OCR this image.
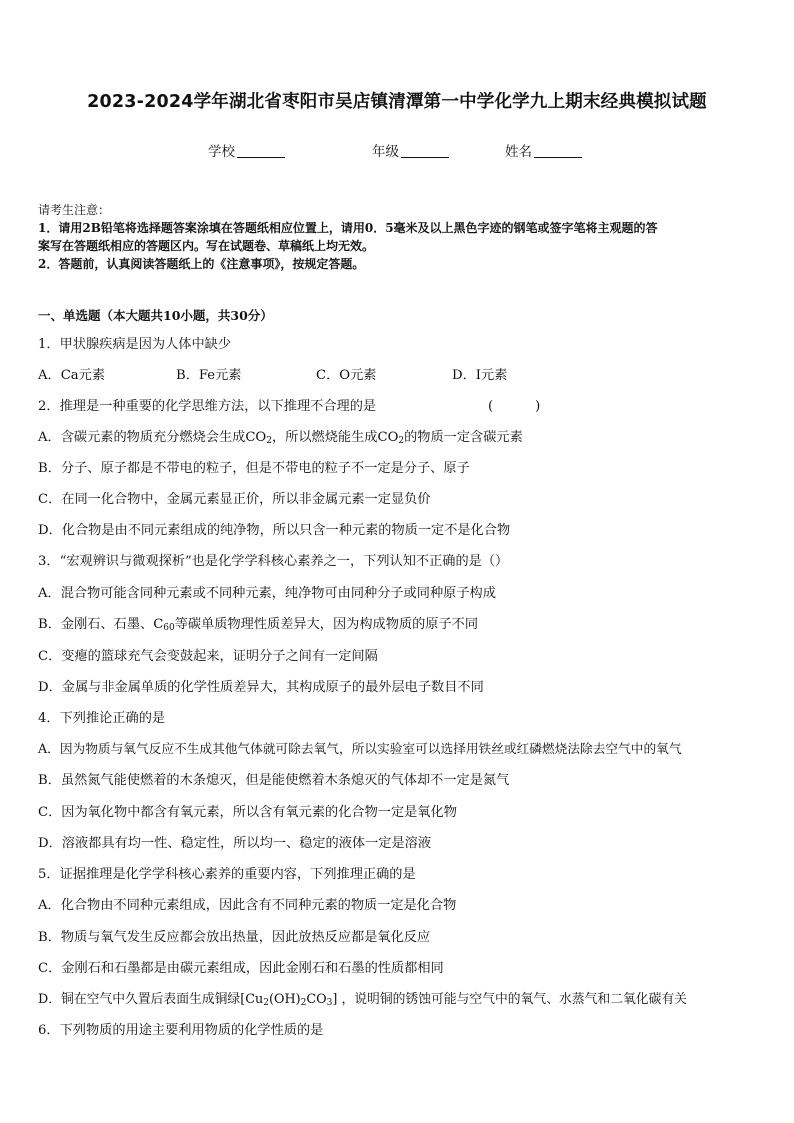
2023-2024学年湖北省枣阳市吴店镇清潭第一中学化学九上期末经典模拟试题
学校	年级	姓名
请考生注意：
1．请用2B铅笔将选择题答案涂填在答题纸相应位置上，请用0．5毫米及以上黑色字迹的钢笔或签字笔将主观题的答
案写在答题纸相应的答题区内。写在试题卷、草稿纸上均无效。
2．答题前，认真阅读答题纸上的《注意事项》，按规定答题。
一、单选题（本大题共10小题，共30分）
1．甲状腺疾病是因为人体中缺少
A．Ca元素	B．Fe元素	C．O元素	D．I元素
2．推理是一种重要的化学思维方法，以下推理不合理的是	(          )
A．含碳元素的物质充分燃烧会生成$CO_2$，所以燃烧能生成$CO_2$的物质一定含碳元素
B．分子、原子都是不带电的粒子，但是不带电的粒子不一定是分子、原子
C．在同一化合物中，金属元素显正价，所以非金属元素一定显负价
D．化合物是由不同元素组成的纯净物，所以只含一种元素的物质一定不是化合物
3．“宏观辨识与微观探析”也是化学学科核心素养之一，下列认知不正确的是（）
A．混合物可能含同种元素或不同种元素，纯净物可由同种分子或同种原子构成
B．金刚石、石墨、$C_{60}$等碳单质物理性质差异大，因为构成物质的原子不同
C．变瘪的篮球充气会变鼓起来，证明分子之间有一定间隔
D．金属与非金属单质的化学性质差异大，其构成原子的最外层电子数目不同
4．下列推论正确的是
A．因为物质与氧气反应不生成其他气体就可除去氧气，所以实验室可以选择用铁丝或红磷燃烧法除去空气中的氧气
B．虽然氮气能使燃着的木条熄灭，但是能使燃着木条熄灭的气体却不一定是氮气
C．因为氧化物中都含有氧元素，所以含有氧元素的化合物一定是氧化物
D．溶液都具有均一性、稳定性，所以均一、稳定的液体一定是溶液
5．证据推理是化学学科核心素养的重要内容，下列推理正确的是
A．化合物由不同种元素组成，因此含有不同种元素的物质一定是化合物
B．物质与氧气发生反应都会放出热量，因此放热反应都是氧化反应
C．金刚石和石墨都是由碳元素组成，因此金刚石和石墨的性质都相同
D．铜在空气中久置后表面生成铜绿$[Cu_2(OH)_2CO_3]$ ，说明铜的锈蚀可能与空气中的氧气、水蒸气和二氧化碳有关
6．下列物质的用途主要利用物质的化学性质的是
